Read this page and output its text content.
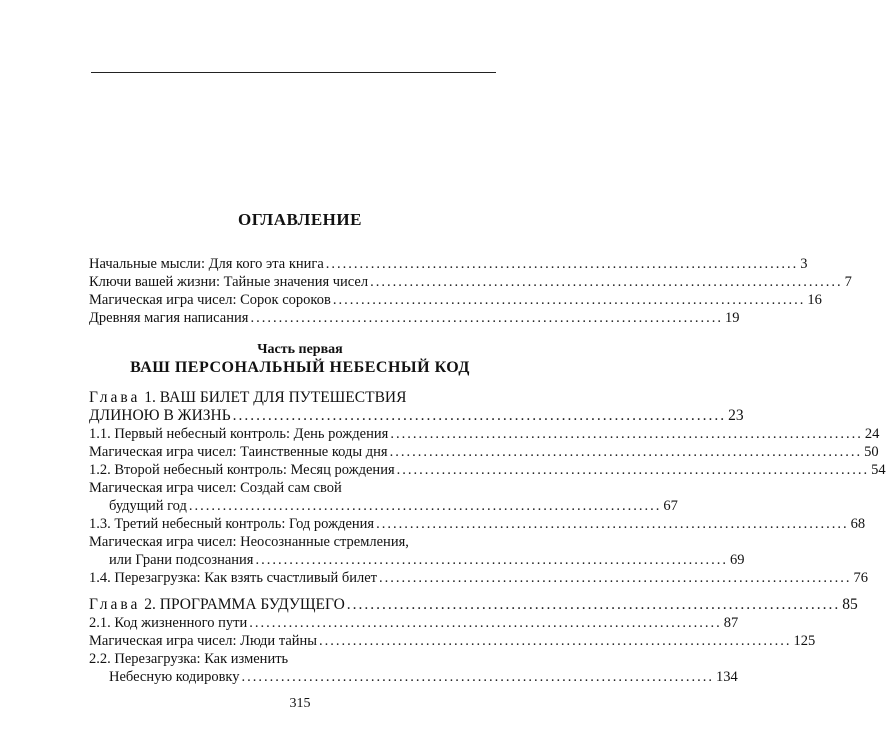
ОГЛАВЛЕНИЕ
Начальные мысли: Для кого эта книга .................................................................................... 3
Ключи вашей жизни: Тайные значения чисел .................................................................................... 7
Магическая игра чисел: Сорок сороков .................................................................................... 16
Древняя магия написания .................................................................................... 19
Часть первая
ВАШ ПЕРСОНАЛЬНЫЙ НЕБЕСНЫЙ КОД
Глава 1. ВАШ БИЛЕТ ДЛЯ ПУТЕШЕСТВИЯ
ДЛИНОЮ В ЖИЗНЬ .................................................................................... 23
1.1. Первый небесный контроль: День рождения .................................................................................... 24
Магическая игра чисел: Таинственные коды дня .................................................................................... 50
1.2. Второй небесный контроль: Месяц рождения .................................................................................... 54
Магическая игра чисел: Создай сам свой
будущий год .................................................................................... 67
1.3. Третий небесный контроль: Год рождения .................................................................................... 68
Магическая игра чисел: Неосознанные стремления,
или Грани подсознания .................................................................................... 69
1.4. Перезагрузка: Как взять счастливый билет .................................................................................... 76
Глава 2. ПРОГРАММА БУДУЩЕГО .................................................................................... 85
2.1. Код жизненного пути .................................................................................... 87
Магическая игра чисел: Люди тайны .................................................................................... 125
2.2. Перезагрузка: Как изменить
Небесную кодировку .................................................................................... 134
315
